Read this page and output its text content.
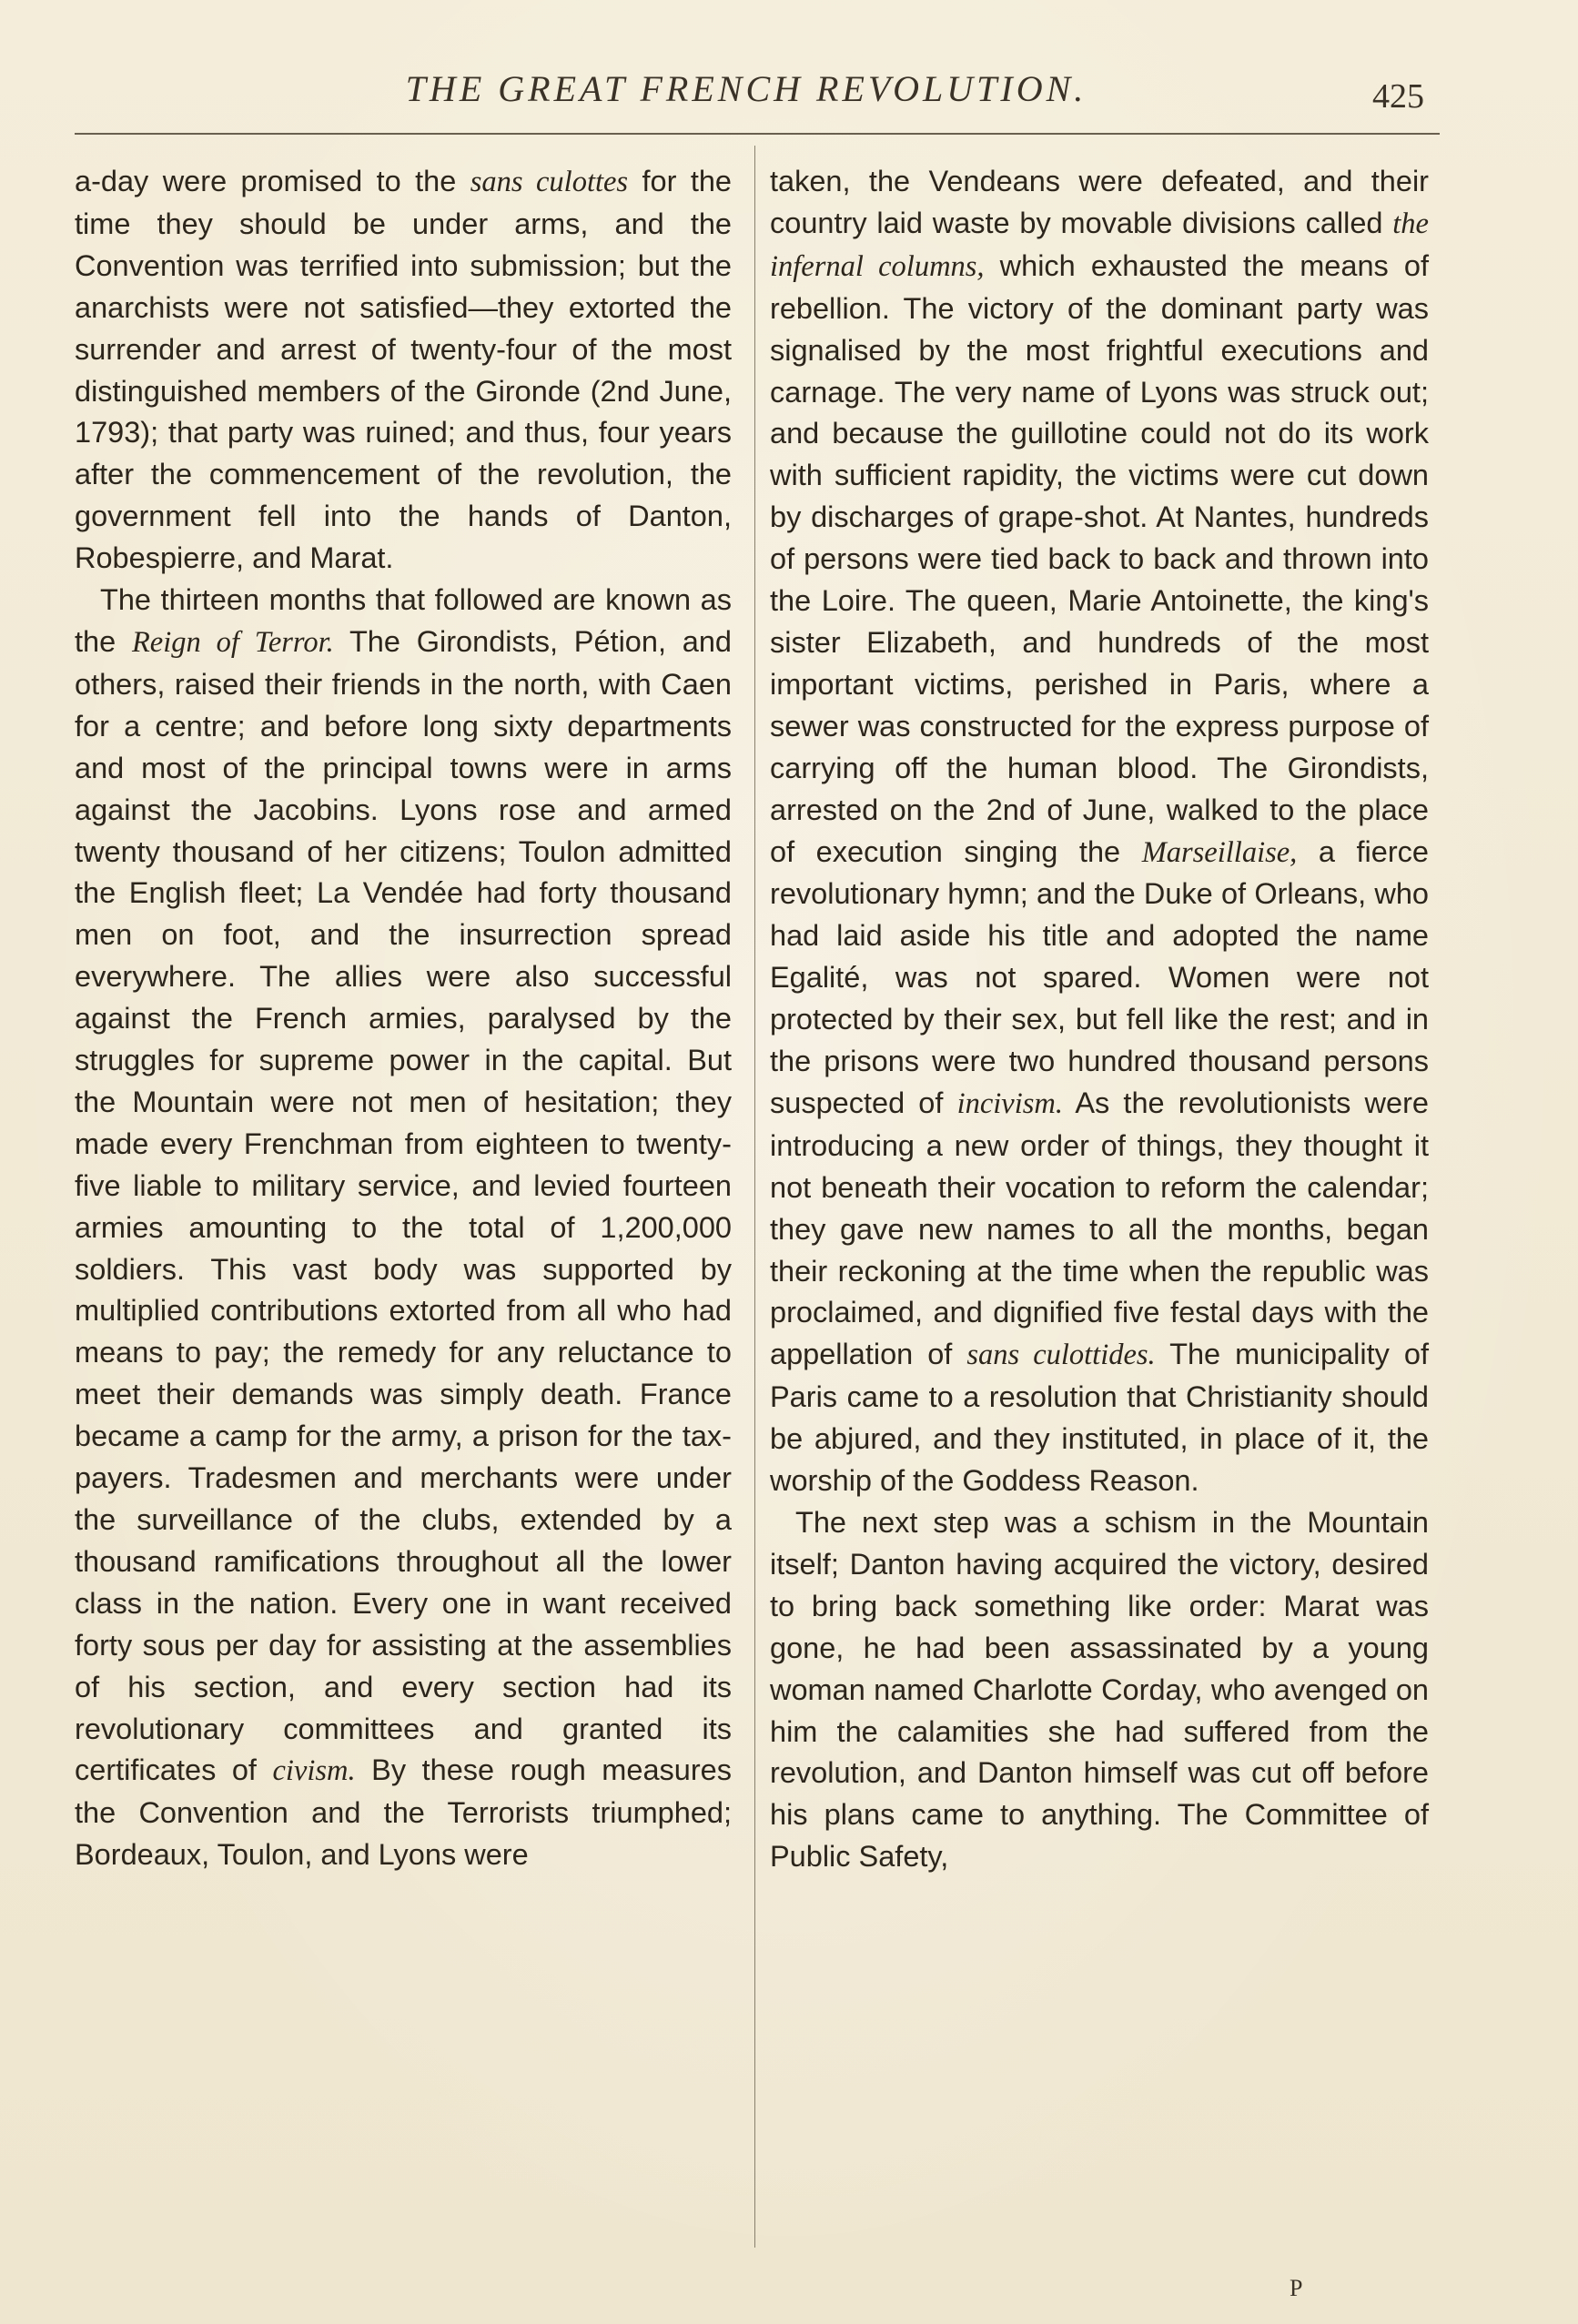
THE GREAT FRENCH REVOLUTION.	425

a-day were promised to the sans culottes for the time they should be under arms, and the Convention was terrified into submission; but the anarchists were not satisfied—they extorted the surrender and arrest of twenty-four of the most distinguished members of the Gironde (2nd June, 1793); that party was ruined; and thus, four years after the commencement of the revolution, the government fell into the hands of Danton, Robespierre, and Marat.

The thirteen months that followed are known as the Reign of Terror. The Girondists, Pétion, and others, raised their friends in the north, with Caen for a centre; and before long sixty departments and most of the principal towns were in arms against the Jacobins. Lyons rose and armed twenty thousand of her citizens; Toulon admitted the English fleet; La Vendée had forty thousand men on foot, and the insurrection spread everywhere. The allies were also successful against the French armies, paralysed by the struggles for supreme power in the capital. But the Mountain were not men of hesitation; they made every Frenchman from eighteen to twenty-five liable to military service, and levied fourteen armies amounting to the total of 1,200,000 soldiers. This vast body was supported by multiplied contributions extorted from all who had means to pay; the remedy for any reluctance to meet their demands was simply death. France became a camp for the army, a prison for the tax-payers. Tradesmen and merchants were under the surveillance of the clubs, extended by a thousand ramifications throughout all the lower class in the nation. Every one in want received forty sous per day for assisting at the assemblies of his section, and every section had its revolutionary committees and granted its certificates of civism. By these rough measures the Convention and the Terrorists triumphed; Bordeaux, Toulon, and Lyons were

taken, the Vendeans were defeated, and their country laid waste by movable divisions called the infernal columns, which exhausted the means of rebellion. The victory of the dominant party was signalised by the most frightful executions and carnage. The very name of Lyons was struck out; and because the guillotine could not do its work with sufficient rapidity, the victims were cut down by discharges of grape-shot. At Nantes, hundreds of persons were tied back to back and thrown into the Loire. The queen, Marie Antoinette, the king's sister Elizabeth, and hundreds of the most important victims, perished in Paris, where a sewer was constructed for the express purpose of carrying off the human blood. The Girondists, arrested on the 2nd of June, walked to the place of execution singing the Marseillaise, a fierce revolutionary hymn; and the Duke of Orleans, who had laid aside his title and adopted the name Egalité, was not spared. Women were not protected by their sex, but fell like the rest; and in the prisons were two hundred thousand persons suspected of incivism. As the revolutionists were introducing a new order of things, they thought it not beneath their vocation to reform the calendar; they gave new names to all the months, began their reckoning at the time when the republic was proclaimed, and dignified five festal days with the appellation of sans culottides. The municipality of Paris came to a resolution that Christianity should be abjured, and they instituted, in place of it, the worship of the Goddess Reason.

The next step was a schism in the Mountain itself; Danton having acquired the victory, desired to bring back something like order: Marat was gone, he had been assassinated by a young woman named Charlotte Corday, who avenged on him the calamities she had suffered from the revolution, and Danton himself was cut off before his plans came to anything. The Committee of Public Safety,

P
